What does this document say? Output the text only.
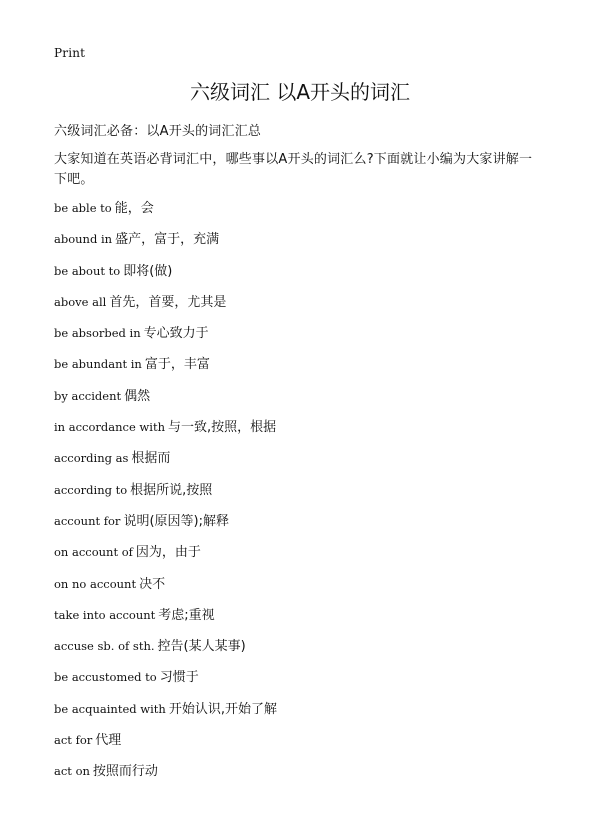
Print
六级词汇 以A开头的词汇
六级词汇必备：以A开头的词汇汇总
大家知道在英语必背词汇中，哪些事以A开头的词汇么?下面就让小编为大家讲解一下吧。
be able to 能，会
abound in 盛产，富于，充满
be about to 即将(做)
above all 首先，首要，尤其是
be absorbed in 专心致力于
be abundant in 富于，丰富
by accident 偶然
in accordance with 与一致,按照，根据
according as 根据而
according to 根据所说,按照
account for 说明(原因等);解释
on account of 因为，由于
on no account 决不
take into account 考虑;重视
accuse sb. of sth. 控告(某人某事)
be accustomed to 习惯于
be acquainted with 开始认识,开始了解
act for 代理
act on 按照而行动
